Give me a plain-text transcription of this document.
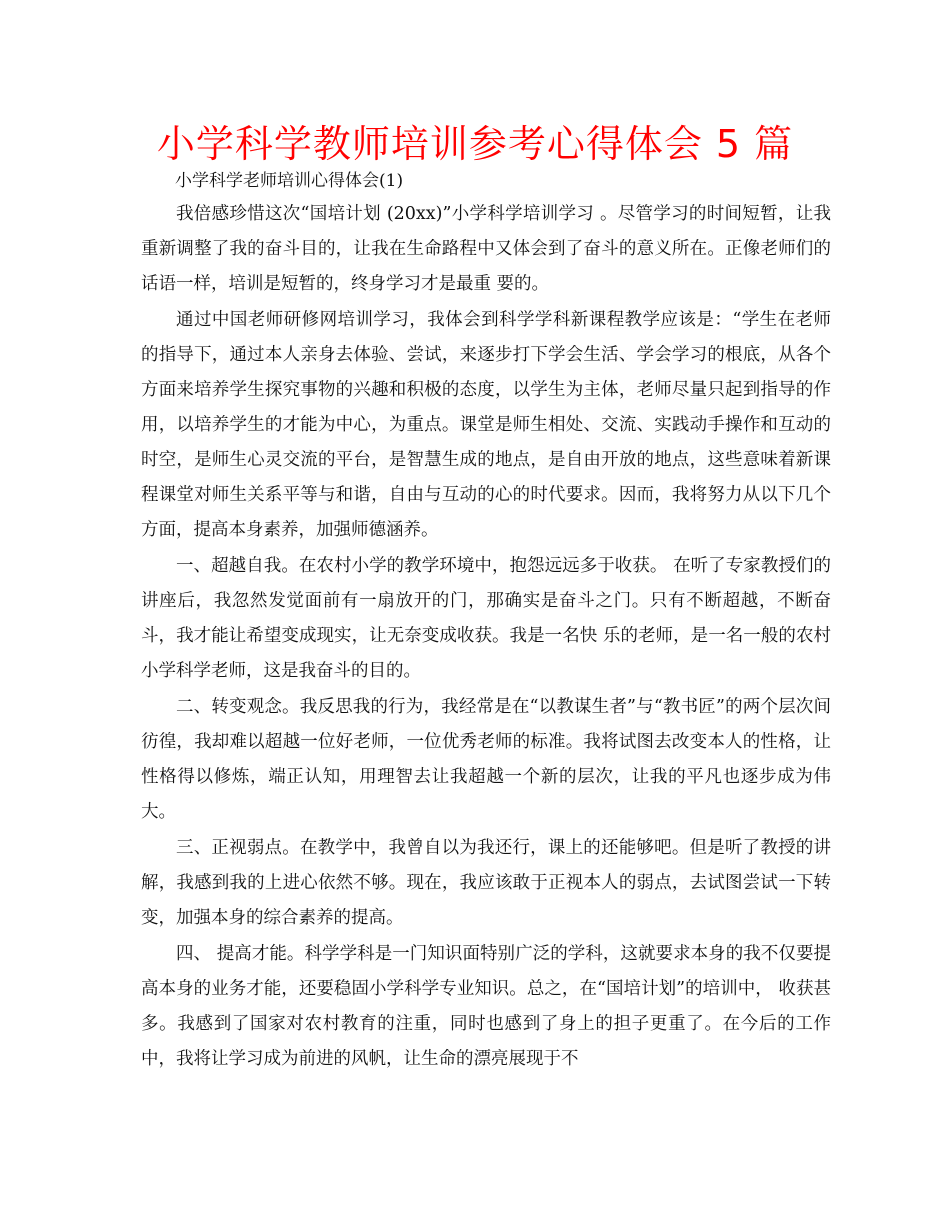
小学科学教师培训参考心得体会 5 篇
小学科学老师培训心得体会(1)

我倍感珍惜这次“国培计划 (20xx)”小学科学培训学习 。尽管学习的时间短暂，让我重新调整了我的奋斗目的，让我在生命路程中又体会到了奋斗的意义所在。正像老师们的话语一样，培训是短暂的，终身学习才是最重 要的。

通过中国老师研修网培训学习，我体会到科学学科新课程教学应该是：“学生在老师的指导下，通过本人亲身去体验、尝试，来逐步打下学会生活、学会学习的根底，从各个方面来培养学生探究事物的兴趣和积极的态度，以学生为主体，老师尽量只起到指导的作用，以培养学生的才能为中心，为重点。课堂是师生相处、交流、实践动手操作和互动的时空，是师生心灵交流的平台，是智慧生成的地点，是自由开放的地点，这些意味着新课程课堂对师生关系平等与和谐，自由与互动的心的时代要求。因而，我将努力从以下几个方面，提高本身素养，加强师德涵养。

一、超越自我。在农村小学的教学环境中，抱怨远远多于收获。 在听了专家教授们的讲座后，我忽然发觉面前有一扇放开的门，那确实是奋斗之门。只有不断超越，不断奋斗，我才能让希望变成现实，让无奈变成收获。我是一名快 乐的老师，是一名一般的农村小学科学老师，这是我奋斗的目的。

二、转变观念。我反思我的行为，我经常是在“以教谋生者”与“教书匠”的两个层次间彷徨，我却难以超越一位好老师，一位优秀老师的标准。我将试图去改变本人的性格，让性格得以修炼，端正认知，用理智去让我超越一个新的层次，让我的平凡也逐步成为伟大。

三、正视弱点。在教学中，我曾自以为我还行，课上的还能够吧。但是听了教授的讲解，我感到我的上进心依然不够。现在，我应该敢于正视本人的弱点，去试图尝试一下转变，加强本身的综合素养的提高。

四、 提高才能。科学学科是一门知识面特别广泛的学科，这就要求本身的我不仅要提高本身的业务才能，还要稳固小学科学专业知识。总之，在“国培计划”的培训中， 收获甚多。我感到了国家对农村教育的注重，同时也感到了身上的担子更重了。在今后的工作中，我将让学习成为前进的风帆，让生命的漂亮展现于不
